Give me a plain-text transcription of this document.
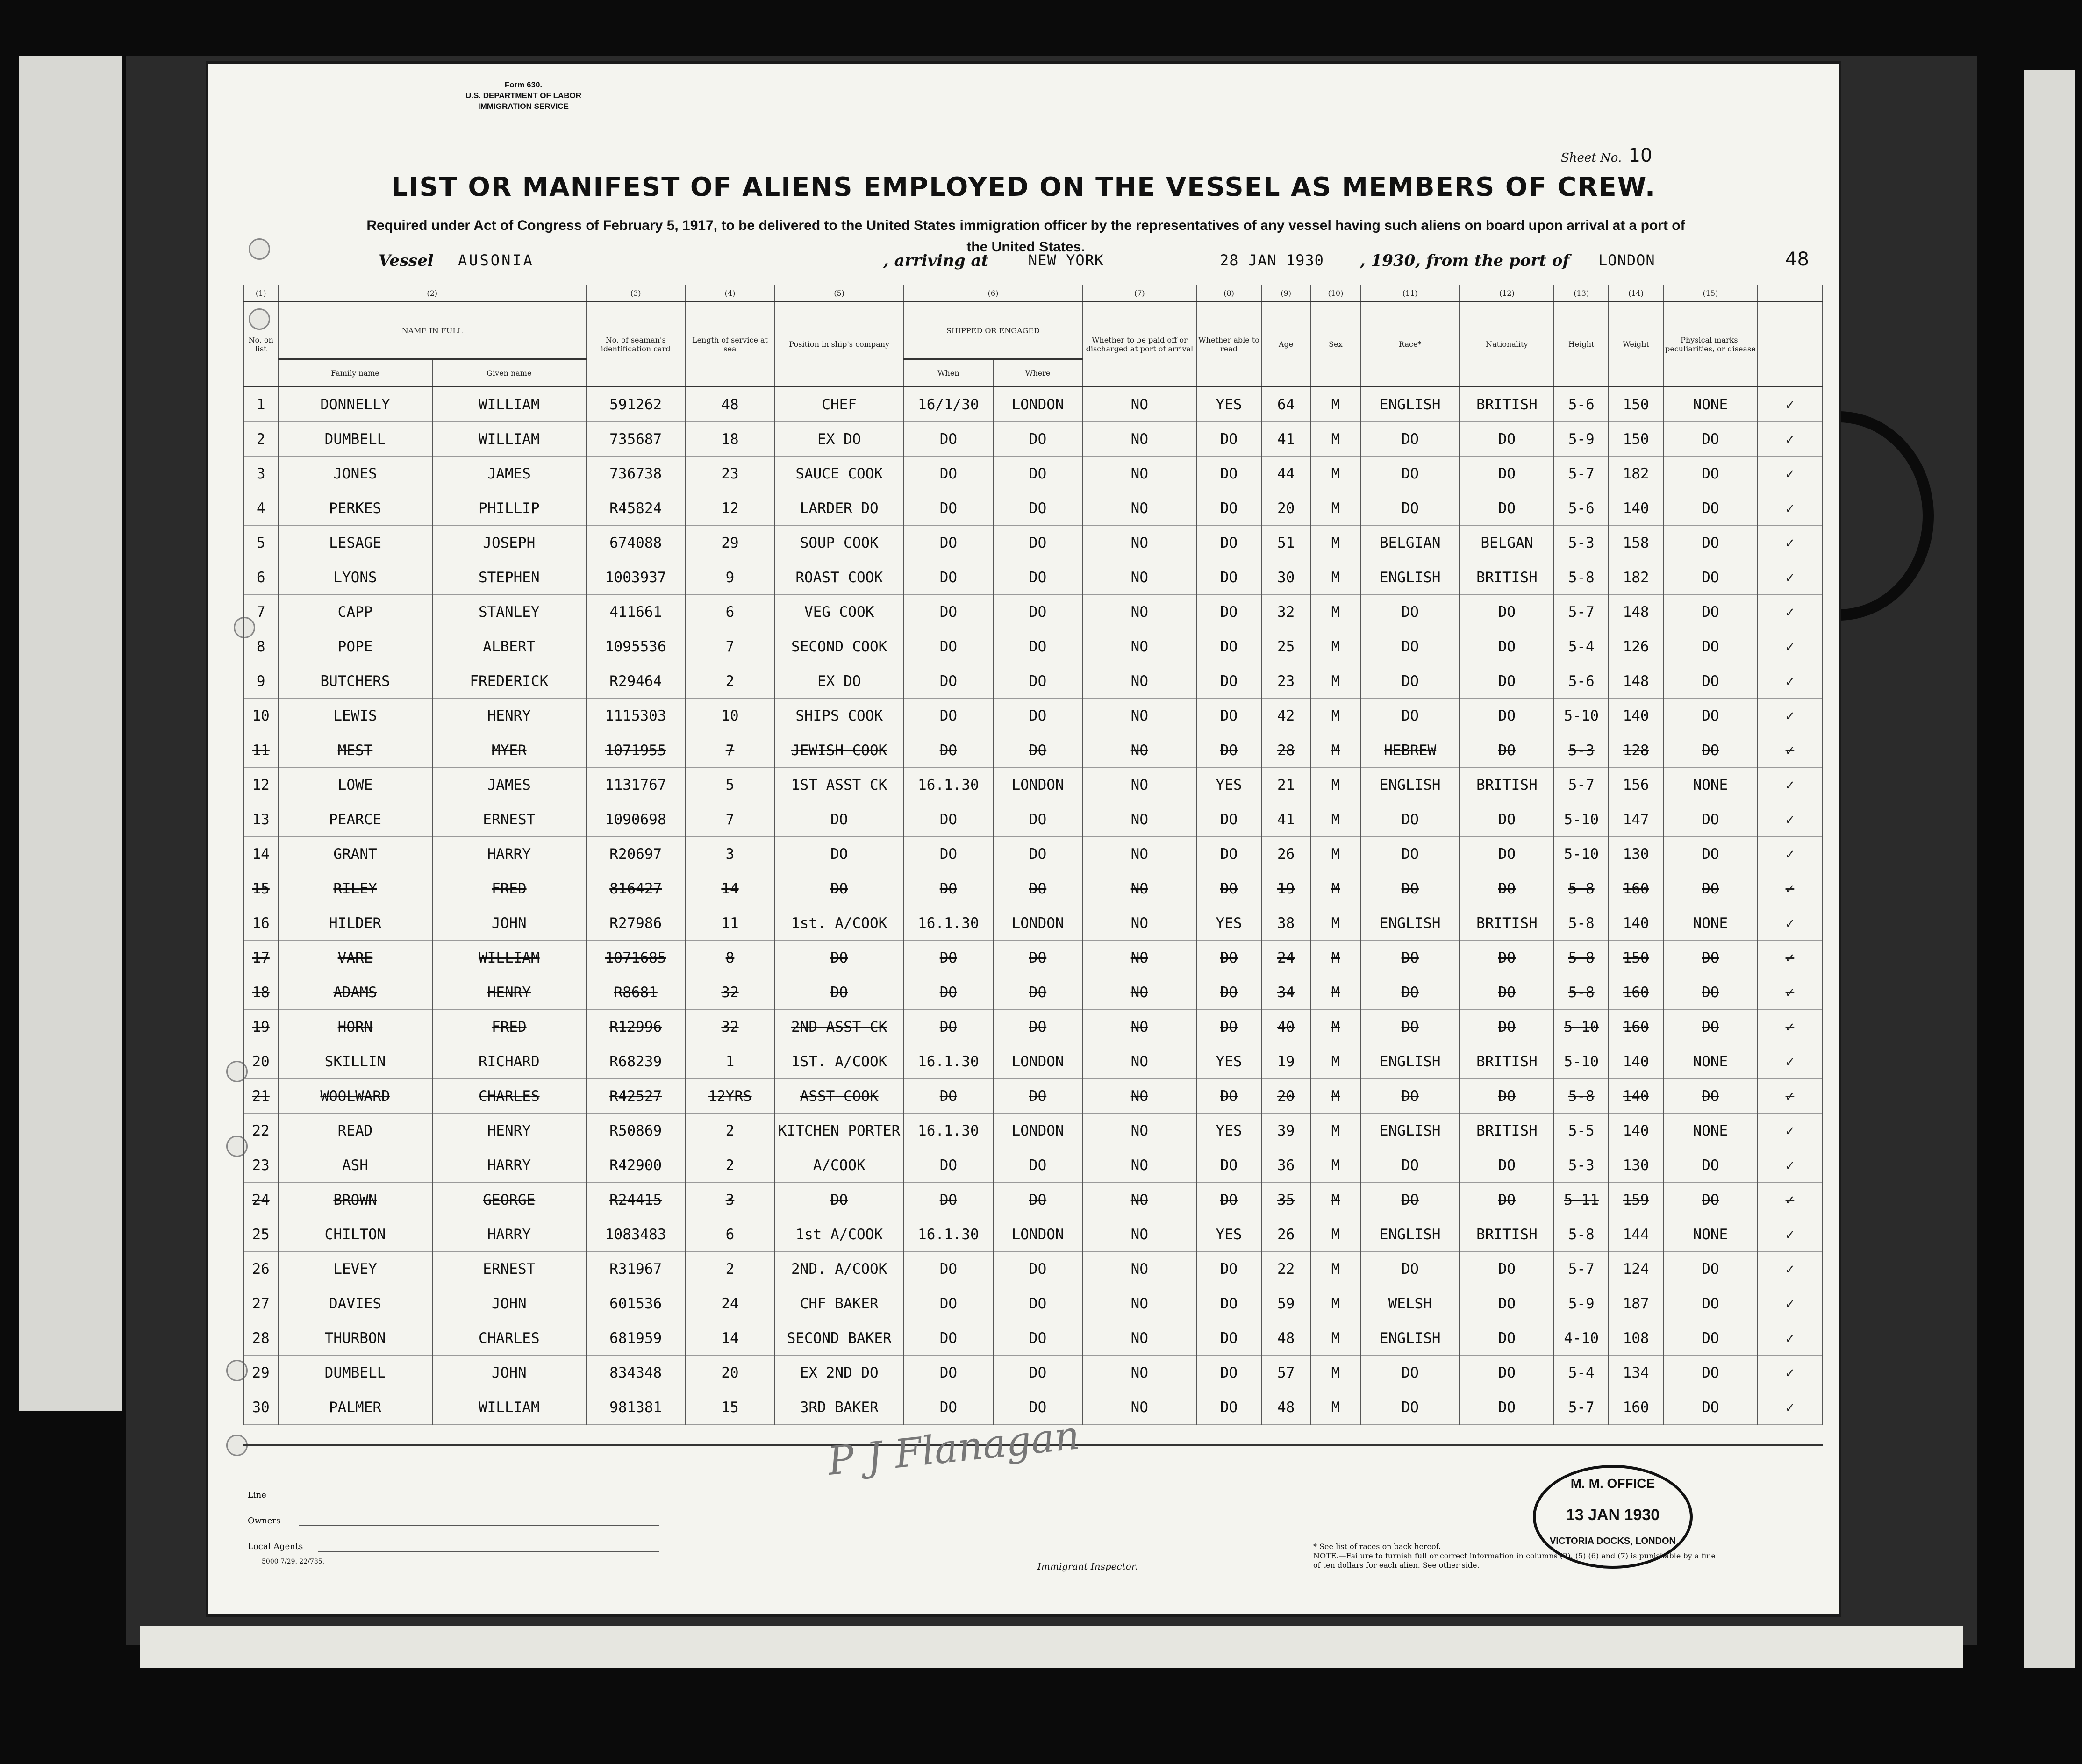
Form 630.
U.S. DEPARTMENT OF LABOR
IMMIGRATION SERVICE
Sheet No. 10
LIST OR MANIFEST OF ALIENS EMPLOYED ON THE VESSEL AS MEMBERS OF CREW.
Required under Act of Congress of February 5, 1917, to be delivered to the United States immigration officer by the representatives of any vessel having such aliens on board upon arrival at a port of the United States.
Vessel AUSONIA	, arriving at	NEW YORK	28 JAN 1930 , 1930, from the port of LONDON	48
(1)	(2)		(3)	(4)	(5)	(6)		(7)	(8)	(9)	(10)	(11)	(12)	(13)	(14)	(15)	
No. on list	NAME IN FULL		No. of seaman's identification card	Length of service at sea	Position in ship's company	SHIPPED OR ENGAGED		Whether to be paid off or discharged at port of arrival	Whether able to read	Age	Sex	Race*	Nationality	Height	Weight	Physical marks, peculiarities, or disease	
	Family name	Given name				When	Where										
1	DONNELLY	WILLIAM	591262	48	CHEF	16/1/30	LONDON	NO	YES	64	M	ENGLISH	BRITISH	5-6	150	NONE	✓
2	DUMBELL	WILLIAM	735687	18	EX DO	DO	DO	NO	DO	41	M	DO	DO	5-9	150	DO	✓
3	JONES	JAMES	736738	23	SAUCE COOK	DO	DO	NO	DO	44	M	DO	DO	5-7	182	DO	✓
4	PERKES	PHILLIP	R45824	12	LARDER DO	DO	DO	NO	DO	20	M	DO	DO	5-6	140	DO	✓
5	LESAGE	JOSEPH	674088	29	SOUP COOK	DO	DO	NO	DO	51	M	BELGIAN	BELGAN	5-3	158	DO	✓
6	LYONS	STEPHEN	1003937	9	ROAST COOK	DO	DO	NO	DO	30	M	ENGLISH	BRITISH	5-8	182	DO	✓
7	CAPP	STANLEY	411661	6	VEG COOK	DO	DO	NO	DO	32	M	DO	DO	5-7	148	DO	✓
8	POPE	ALBERT	1095536	7	SECOND COOK	DO	DO	NO	DO	25	M	DO	DO	5-4	126	DO	✓
9	BUTCHERS	FREDERICK	R29464	2	EX DO	DO	DO	NO	DO	23	M	DO	DO	5-6	148	DO	✓
10	LEWIS	HENRY	1115303	10	SHIPS COOK	DO	DO	NO	DO	42	M	DO	DO	5-10	140	DO	✓
11	MEST	MYER	1071955	7	JEWISH COOK	DO	DO	NO	DO	28	M	HEBREW	DO	5-3	128	DO	✓
12	LOWE	JAMES	1131767	5	1ST ASST CK	16.1.30	LONDON	NO	YES	21	M	ENGLISH	BRITISH	5-7	156	NONE	✓
13	PEARCE	ERNEST	1090698	7	DO	DO	DO	NO	DO	41	M	DO	DO	5-10	147	DO	✓
14	GRANT	HARRY	R20697	3	DO	DO	DO	NO	DO	26	M	DO	DO	5-10	130	DO	✓
15	RILEY	FRED	816427	14	DO	DO	DO	NO	DO	19	M	DO	DO	5-8	160	DO	✓
16	HILDER	JOHN	R27986	11	1st. A/COOK	16.1.30	LONDON	NO	YES	38	M	ENGLISH	BRITISH	5-8	140	NONE	✓
17	VARE	WILLIAM	1071685	8	DO	DO	DO	NO	DO	24	M	DO	DO	5-8	150	DO	✓
18	ADAMS	HENRY	R8681	32	DO	DO	DO	NO	DO	34	M	DO	DO	5-8	160	DO	✓
19	HORN	FRED	R12996	32	2ND ASST CK	DO	DO	NO	DO	40	M	DO	DO	5-10	160	DO	✓
20	SKILLIN	RICHARD	R68239	1	1ST. A/COOK	16.1.30	LONDON	NO	YES	19	M	ENGLISH	BRITISH	5-10	140	NONE	✓
21	WOOLWARD	CHARLES	R42527	12YRS	ASST COOK	DO	DO	NO	DO	20	M	DO	DO	5-8	140	DO	✓
22	READ	HENRY	R50869	2	KITCHEN PORTER	16.1.30	LONDON	NO	YES	39	M	ENGLISH	BRITISH	5-5	140	NONE	✓
23	ASH	HARRY	R42900	2	A/COOK	DO	DO	NO	DO	36	M	DO	DO	5-3	130	DO	✓
24	BROWN	GEORGE	R24415	3	DO	DO	DO	NO	DO	35	M	DO	DO	5-11	159	DO	✓
25	CHILTON	HARRY	1083483	6	1st A/COOK	16.1.30	LONDON	NO	YES	26	M	ENGLISH	BRITISH	5-8	144	NONE	✓
26	LEVEY	ERNEST	R31967	2	2ND. A/COOK	DO	DO	NO	DO	22	M	DO	DO	5-7	124	DO	✓
27	DAVIES	JOHN	601536	24	CHF BAKER	DO	DO	NO	DO	59	M	WELSH	DO	5-9	187	DO	✓
28	THURBON	CHARLES	681959	14	SECOND BAKER	DO	DO	NO	DO	48	M	ENGLISH	DO	4-10	108	DO	✓
29	DUMBELL	JOHN	834348	20	EX 2ND DO	DO	DO	NO	DO	57	M	DO	DO	5-4	134	DO	✓
30	PALMER	WILLIAM	981381	15	3RD BAKER	DO	DO	NO	DO	48	M	DO	DO	5-7	160	DO	✓
Line
Owners
Local Agents
5000 7/29. 22/785.
P J Flanagan
Immigrant Inspector.
* See list of races on back hereof.
NOTE.—Failure to furnish full or correct information in columns (2), (5) (6) and (7) is punishable by a fine of ten dollars for each alien. See other side.
M. M. OFFICE
13 JAN 1930
VICTORIA DOCKS, LONDON
